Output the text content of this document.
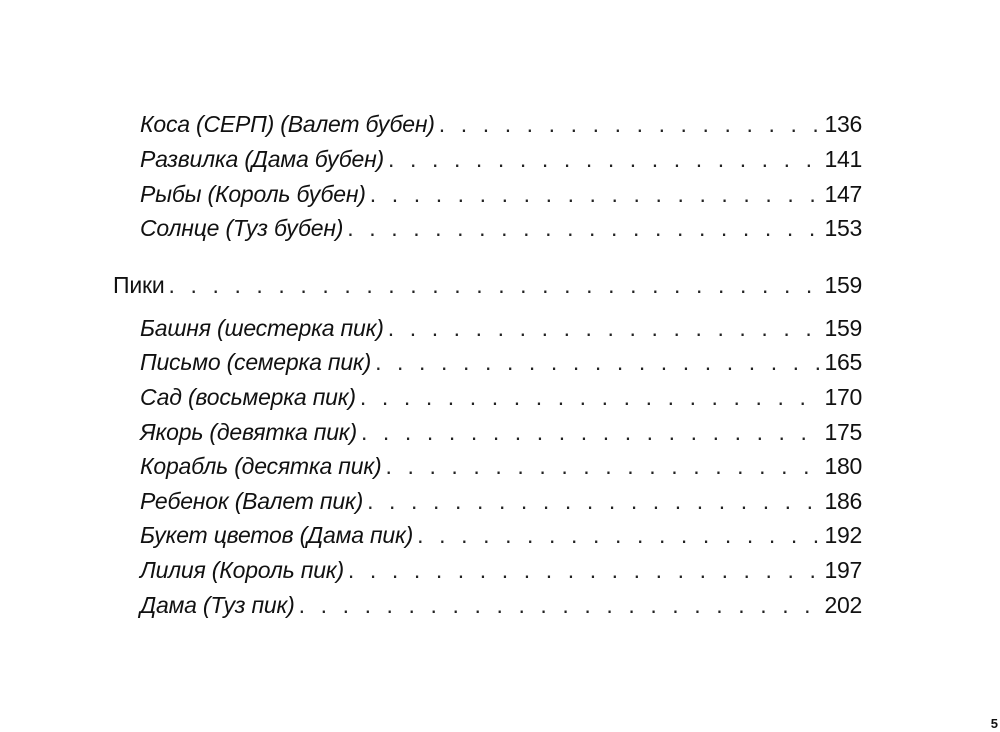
Коса (СЕРП) (Валет бубен) . . .	136
Развилка (Дама бубен) . . .	141
Рыбы (Король бубен) . . .	147
Солнце (Туз бубен) . . .	153
Пики . . .	159
Башня (шестерка пик) . . .	159
Письмо (семерка пик) . . .	165
Сад (восьмерка пик) . . .	170
Якорь (девятка пик) . . .	175
Корабль (десятка пик) . . .	180
Ребенок (Валет пик) . . .	186
Букет цветов (Дама пик) . . .	192
Лилия (Король пик) . . .	197
Дама (Туз пик) . . .	202
5
